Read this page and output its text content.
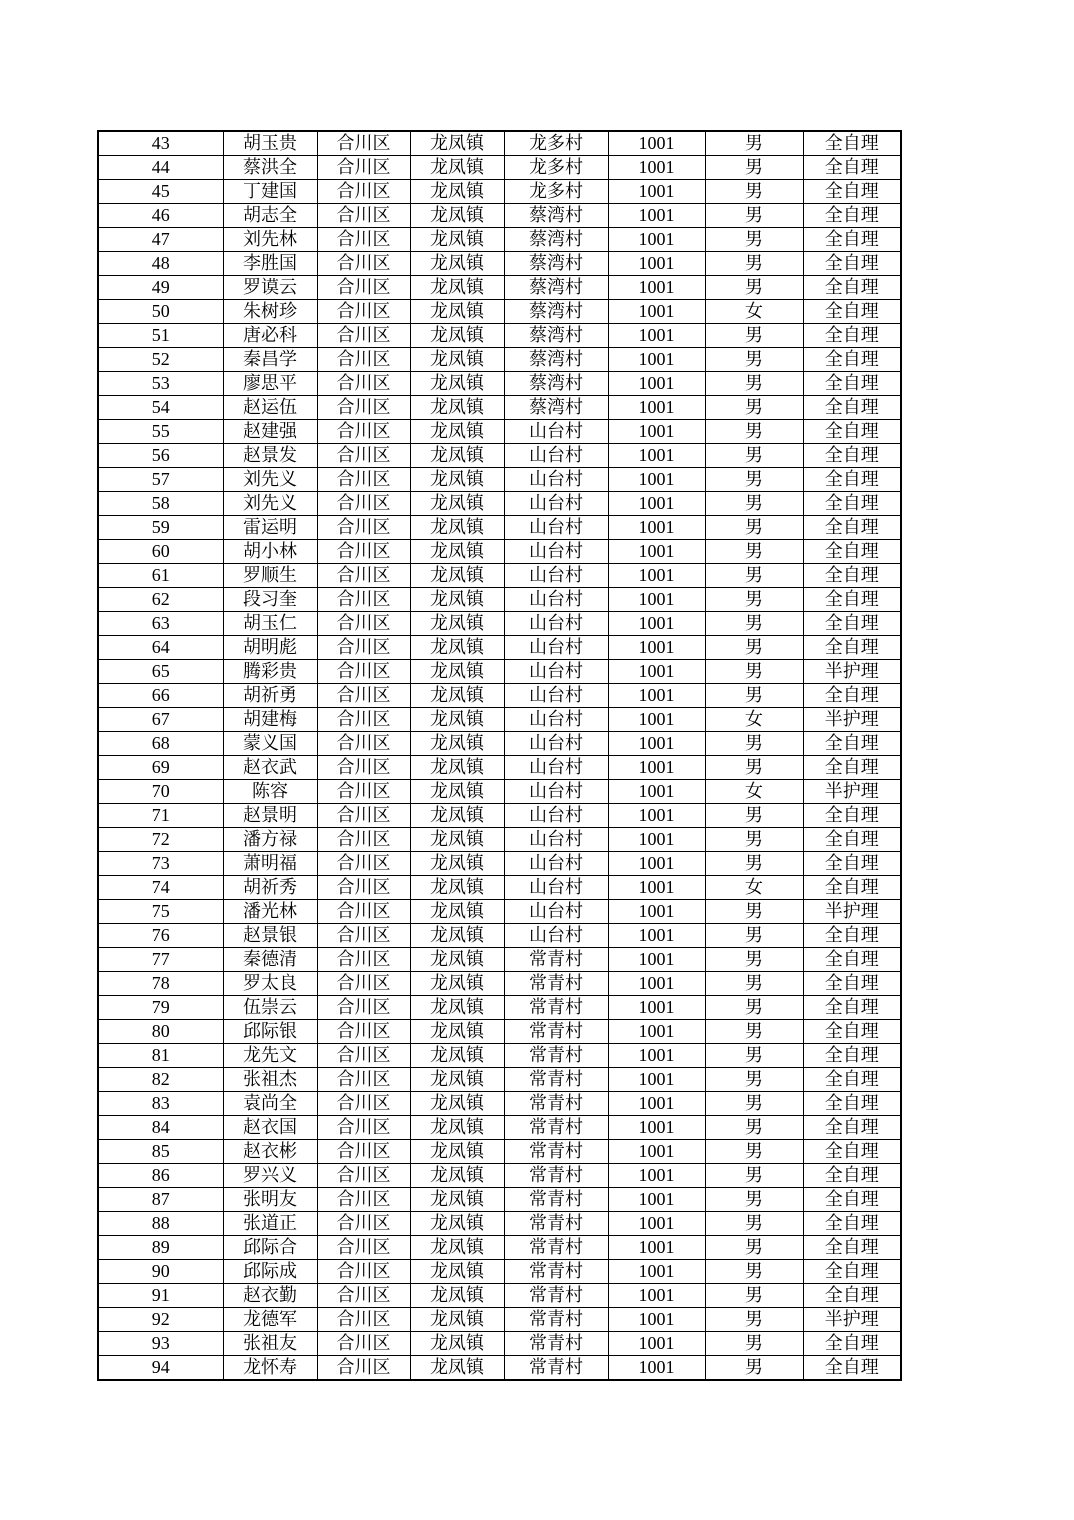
43	胡玉贵	合川区	龙凤镇	龙多村	1001	男	全自理
44	蔡洪全	合川区	龙凤镇	龙多村	1001	男	全自理
45	丁建国	合川区	龙凤镇	龙多村	1001	男	全自理
46	胡志全	合川区	龙凤镇	蔡湾村	1001	男	全自理
47	刘先林	合川区	龙凤镇	蔡湾村	1001	男	全自理
48	李胜国	合川区	龙凤镇	蔡湾村	1001	男	全自理
49	罗谟云	合川区	龙凤镇	蔡湾村	1001	男	全自理
50	朱树珍	合川区	龙凤镇	蔡湾村	1001	女	全自理
51	唐必科	合川区	龙凤镇	蔡湾村	1001	男	全自理
52	秦昌学	合川区	龙凤镇	蔡湾村	1001	男	全自理
53	廖思平	合川区	龙凤镇	蔡湾村	1001	男	全自理
54	赵运伍	合川区	龙凤镇	蔡湾村	1001	男	全自理
55	赵建强	合川区	龙凤镇	山台村	1001	男	全自理
56	赵景发	合川区	龙凤镇	山台村	1001	男	全自理
57	刘先义	合川区	龙凤镇	山台村	1001	男	全自理
58	刘先义	合川区	龙凤镇	山台村	1001	男	全自理
59	雷运明	合川区	龙凤镇	山台村	1001	男	全自理
60	胡小林	合川区	龙凤镇	山台村	1001	男	全自理
61	罗顺生	合川区	龙凤镇	山台村	1001	男	全自理
62	段习奎	合川区	龙凤镇	山台村	1001	男	全自理
63	胡玉仁	合川区	龙凤镇	山台村	1001	男	全自理
64	胡明彪	合川区	龙凤镇	山台村	1001	男	全自理
65	腾彩贵	合川区	龙凤镇	山台村	1001	男	半护理
66	胡祈勇	合川区	龙凤镇	山台村	1001	男	全自理
67	胡建梅	合川区	龙凤镇	山台村	1001	女	半护理
68	蒙义国	合川区	龙凤镇	山台村	1001	男	全自理
69	赵衣武	合川区	龙凤镇	山台村	1001	男	全自理
70	陈容	合川区	龙凤镇	山台村	1001	女	半护理
71	赵景明	合川区	龙凤镇	山台村	1001	男	全自理
72	潘方禄	合川区	龙凤镇	山台村	1001	男	全自理
73	萧明福	合川区	龙凤镇	山台村	1001	男	全自理
74	胡祈秀	合川区	龙凤镇	山台村	1001	女	全自理
75	潘光林	合川区	龙凤镇	山台村	1001	男	半护理
76	赵景银	合川区	龙凤镇	山台村	1001	男	全自理
77	秦德清	合川区	龙凤镇	常青村	1001	男	全自理
78	罗太良	合川区	龙凤镇	常青村	1001	男	全自理
79	伍崇云	合川区	龙凤镇	常青村	1001	男	全自理
80	邱际银	合川区	龙凤镇	常青村	1001	男	全自理
81	龙先文	合川区	龙凤镇	常青村	1001	男	全自理
82	张祖杰	合川区	龙凤镇	常青村	1001	男	全自理
83	袁尚全	合川区	龙凤镇	常青村	1001	男	全自理
84	赵衣国	合川区	龙凤镇	常青村	1001	男	全自理
85	赵衣彬	合川区	龙凤镇	常青村	1001	男	全自理
86	罗兴义	合川区	龙凤镇	常青村	1001	男	全自理
87	张明友	合川区	龙凤镇	常青村	1001	男	全自理
88	张道正	合川区	龙凤镇	常青村	1001	男	全自理
89	邱际合	合川区	龙凤镇	常青村	1001	男	全自理
90	邱际成	合川区	龙凤镇	常青村	1001	男	全自理
91	赵衣勤	合川区	龙凤镇	常青村	1001	男	全自理
92	龙德军	合川区	龙凤镇	常青村	1001	男	半护理
93	张祖友	合川区	龙凤镇	常青村	1001	男	全自理
94	龙怀寿	合川区	龙凤镇	常青村	1001	男	全自理
